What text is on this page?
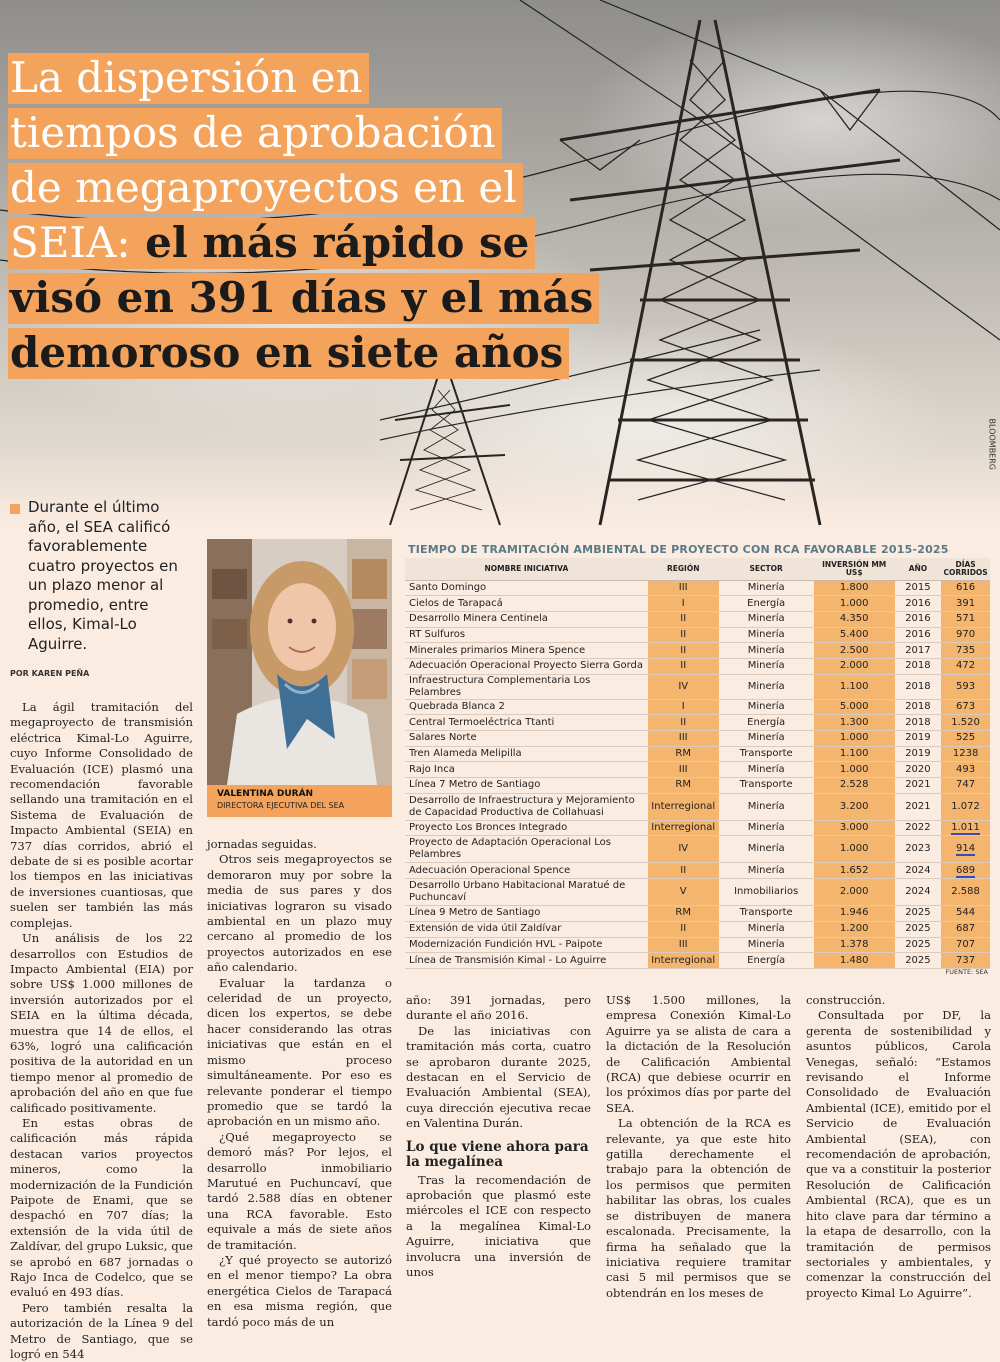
BLOOMBERG
La dispersión en
tiempos de aprobación
de megaproyectos en el
SEIA: el más rápido se
visó en 391 días y el más
demoroso en siete años
Durante el último año, el SEA calificó favorablemente cuatro proyectos en un plazo menor al promedio, entre ellos, Kimal-Lo Aguirre.
POR KAREN PEÑA

La ágil tramitación del megaproyecto de transmisión eléctrica Kimal-Lo Aguirre, cuyo Informe Consolidado de Evaluación (ICE) plasmó una recomendación favorable sellando una tramitación en el Sistema de Evaluación de Impacto Ambiental (SEIA) en 737 días corridos, abrió el debate de si es posible acortar los tiempos en las iniciativas de inversiones cuantiosas, que suelen ser también las más complejas.

Un análisis de los 22 desarrollos con Estudios de Impacto Ambiental (EIA) por sobre US$ 1.000 millones de inversión autorizados por el SEIA en la última década, muestra que 14 de ellos, el 63%, logró una calificación positiva de la autoridad en un tiempo menor al promedio de aprobación del año en que fue calificado positivamente.

En estas obras de calificación más rápida destacan varios proyectos mineros, como la modernización de la Fundición Paipote de Enami, que se despachó en 707 días; la extensión de la vida útil de Zaldívar, del grupo Luksic, que se aprobó en 687 jornadas o Rajo Inca de Codelco, que se evaluó en 493 días.

Pero también resalta la autorización de la Línea 9 del Metro de Santiago, que se logró en 544

VALENTINA DURÁN
DIRECTORA EJECUTIVA DEL SEA

jornadas seguidas.

Otros seis megaproyectos se demoraron muy por sobre la media de sus pares y dos iniciativas lograron su visado ambiental en un plazo muy cercano al promedio de los proyectos autorizados en ese año calendario.

Evaluar la tardanza o celeridad de un proyecto, dicen los expertos, se debe hacer considerando las otras iniciativas que están en el mismo proceso simultáneamente. Por eso es relevante ponderar el tiempo promedio que se tardó la aprobación en un mismo año.

¿Qué megaproyecto se demoró más? Por lejos, el desarrollo inmobiliario Marutué en Puchuncaví, que tardó 2.588 días en obtener una RCA favorable. Esto equivale a más de siete años de tramitación.

¿Y qué proyecto se autorizó en el menor tiempo? La obra energética Cielos de Tarapacá en esa misma región, que tardó poco más de un

año: 391 jornadas, pero durante el año 2016.

De las iniciativas con tramitación más corta, cuatro se aprobaron durante 2025, destacan en el Servicio de Evaluación Ambiental (SEA), cuya dirección ejecutiva recae en Valentina Durán.

Lo que viene ahora para la megalínea

Tras la recomendación de aprobación que plasmó este miércoles el ICE con respecto a la megalínea Kimal-Lo Aguirre, iniciativa que involucra una inversión de unos

US$ 1.500 millones, la empresa Conexión Kimal-Lo Aguirre ya se alista de cara a la dictación de la Resolución de Calificación Ambiental (RCA) que debiese ocurrir en los próximos días por parte del SEA.

La obtención de la RCA es relevante, ya que este hito gatilla derechamente el trabajo para la obtención de los permisos que permiten habilitar las obras, los cuales se distribuyen de manera escalonada. Precisamente, la firma ha señalado que la iniciativa requiere tramitar casi 5 mil permisos que se obtendrán en los meses de

construcción.

Consultada por DF, la gerenta de sostenibilidad y asuntos públicos, Carola Venegas, señaló: “Estamos revisando el Informe Consolidado de Evaluación Ambiental (ICE), emitido por el Servicio de Evaluación Ambiental (SEA), con recomendación de aprobación, que va a constituir la posterior Resolución de Calificación Ambiental (RCA), que es un hito clave para dar término a la etapa de desarrollo, con la tramitación de permisos sectoriales y ambientales, y comenzar la construcción del proyecto Kimal Lo Aguirre”.

TIEMPO DE TRAMITACIÓN AMBIENTAL DE PROYECTO CON RCA FAVORABLE 2015-2025
NOMBRE INICIATIVA	REGIÓN	SECTOR	INVERSIÓN MM US$	AÑO	DÍAS CORRIDOS
Santo Domingo	III	Minería	1.800	2015	616
Cielos de Tarapacá	I	Energía	1.000	2016	391
Desarrollo Minera Centinela	II	Minería	4.350	2016	571
RT Sulfuros	II	Minería	5.400	2016	970
Minerales primarios Minera Spence	II	Minería	2.500	2017	735
Adecuación Operacional Proyecto Sierra Gorda	II	Minería	2.000	2018	472
Infraestructura Complementaria Los Pelambres	IV	Minería	1.100	2018	593
Quebrada Blanca 2	I	Minería	5.000	2018	673
Central Termoeléctrica Ttanti	II	Energía	1.300	2018	1.520
Salares Norte	III	Minería	1.000	2019	525
Tren Alameda Melipilla	RM	Transporte	1.100	2019	1238
Rajo Inca	III	Minería	1.000	2020	493
Línea 7 Metro de Santiago	RM	Transporte	2.528	2021	747
Desarrollo de Infraestructura y Mejoramiento de Capacidad Productiva de Collahuasi	Interregional	Minería	3.200	2021	1.072
Proyecto Los Bronces Integrado	Interregional	Minería	3.000	2022	1.011
Proyecto de Adaptación Operacional Los Pelambres	IV	Minería	1.000	2023	914
Adecuación Operacional Spence	II	Minería	1.652	2024	689
Desarrollo Urbano Habitacional Maratué de Puchuncaví	V	Inmobiliarios	2.000	2024	2.588
Línea 9 Metro de Santiago	RM	Transporte	1.946	2025	544
Extensión de vida útil Zaldívar	II	Minería	1.200	2025	687
Modernización Fundición HVL - Paipote	III	Minería	1.378	2025	707
Línea de Transmisión Kimal - Lo Aguirre	Interregional	Energía	1.480	2025	737
FUENTE: SEA
